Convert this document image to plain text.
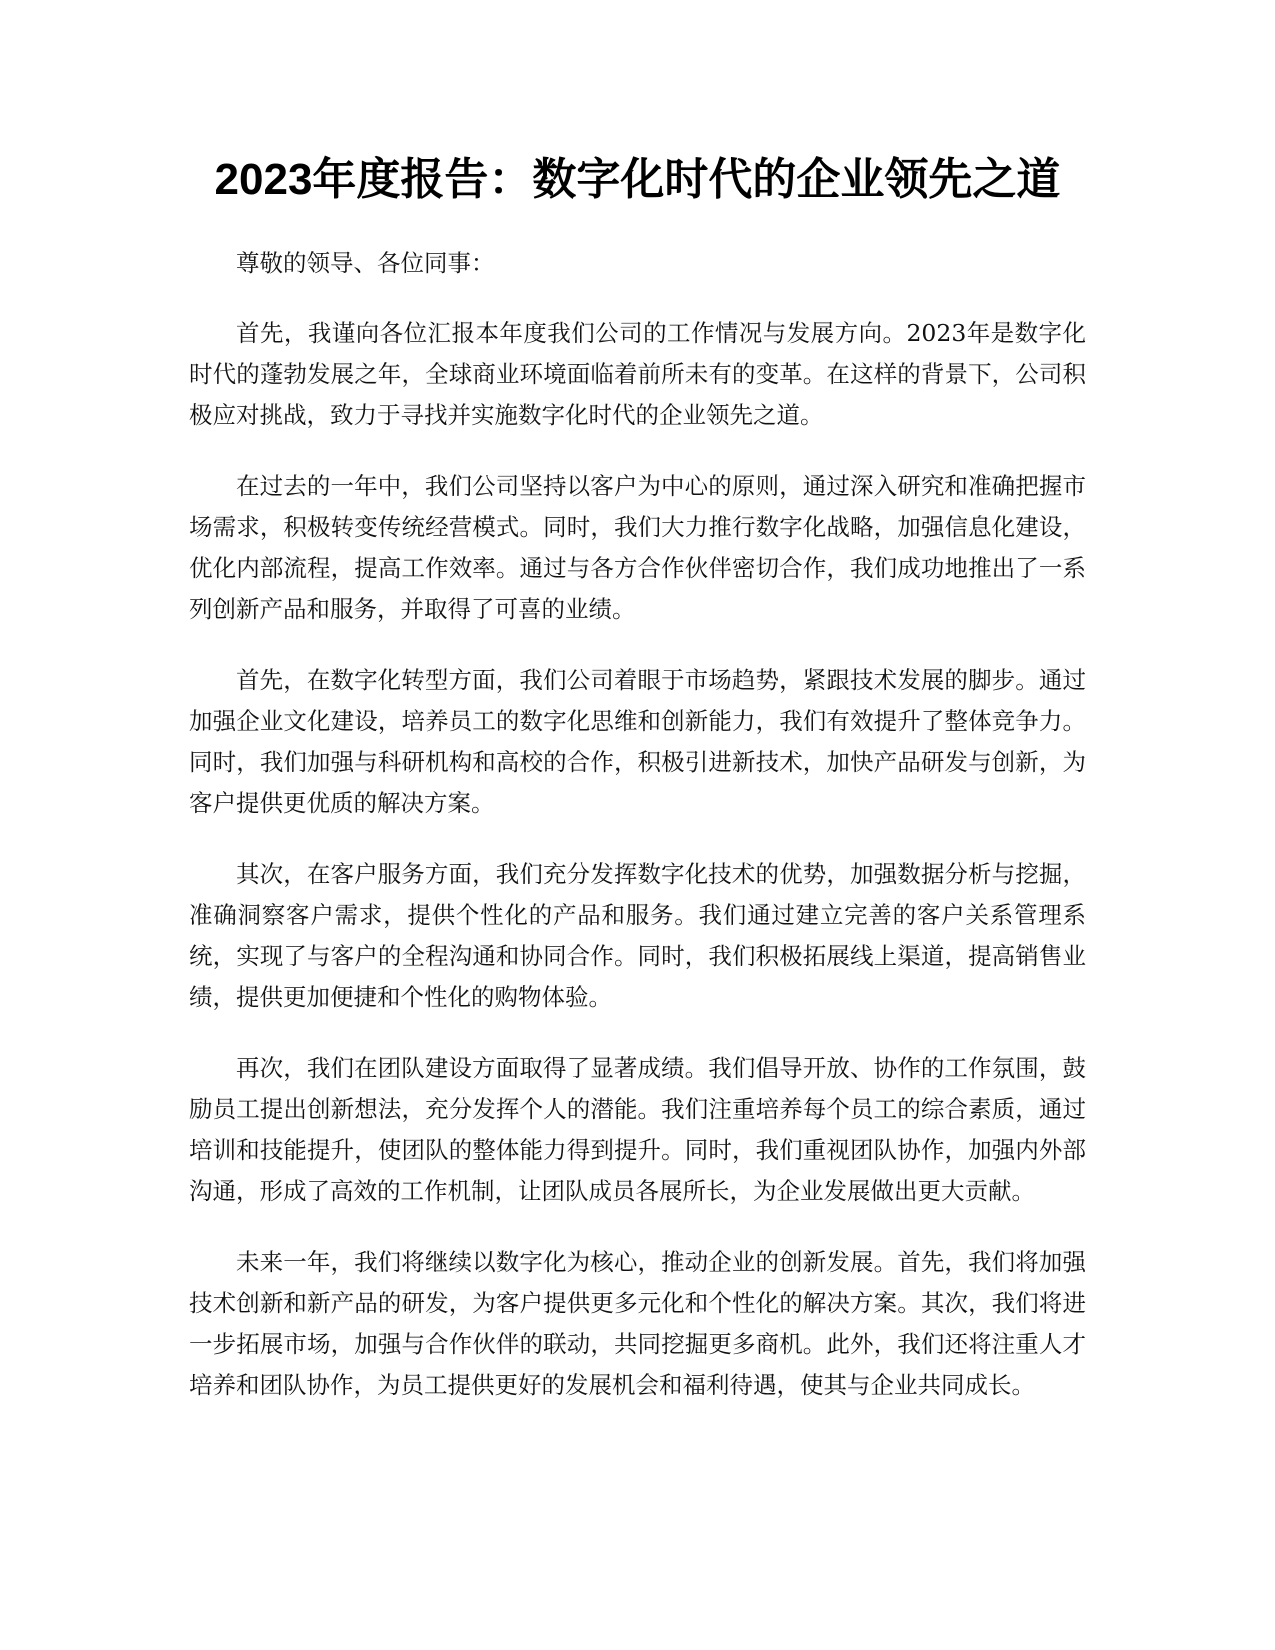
2023年度报告：数字化时代的企业领先之道

尊敬的领导、各位同事：

首先，我谨向各位汇报本年度我们公司的工作情况与发展方向。2023年是数字化时代的蓬勃发展之年，全球商业环境面临着前所未有的变革。在这样的背景下，公司积极应对挑战，致力于寻找并实施数字化时代的企业领先之道。

在过去的一年中，我们公司坚持以客户为中心的原则，通过深入研究和准确把握市场需求，积极转变传统经营模式。同时，我们大力推行数字化战略，加强信息化建设，优化内部流程，提高工作效率。通过与各方合作伙伴密切合作，我们成功地推出了一系列创新产品和服务，并取得了可喜的业绩。

首先，在数字化转型方面，我们公司着眼于市场趋势，紧跟技术发展的脚步。通过加强企业文化建设，培养员工的数字化思维和创新能力，我们有效提升了整体竞争力。同时，我们加强与科研机构和高校的合作，积极引进新技术，加快产品研发与创新，为客户提供更优质的解决方案。

其次，在客户服务方面，我们充分发挥数字化技术的优势，加强数据分析与挖掘，准确洞察客户需求，提供个性化的产品和服务。我们通过建立完善的客户关系管理系统，实现了与客户的全程沟通和协同合作。同时，我们积极拓展线上渠道，提高销售业绩，提供更加便捷和个性化的购物体验。

再次，我们在团队建设方面取得了显著成绩。我们倡导开放、协作的工作氛围，鼓励员工提出创新想法，充分发挥个人的潜能。我们注重培养每个员工的综合素质，通过培训和技能提升，使团队的整体能力得到提升。同时，我们重视团队协作，加强内外部沟通，形成了高效的工作机制，让团队成员各展所长，为企业发展做出更大贡献。

未来一年，我们将继续以数字化为核心，推动企业的创新发展。首先，我们将加强技术创新和新产品的研发，为客户提供更多元化和个性化的解决方案。其次，我们将进一步拓展市场，加强与合作伙伴的联动，共同挖掘更多商机。此外，我们还将注重人才培养和团队协作，为员工提供更好的发展机会和福利待遇，使其与企业共同成长。
